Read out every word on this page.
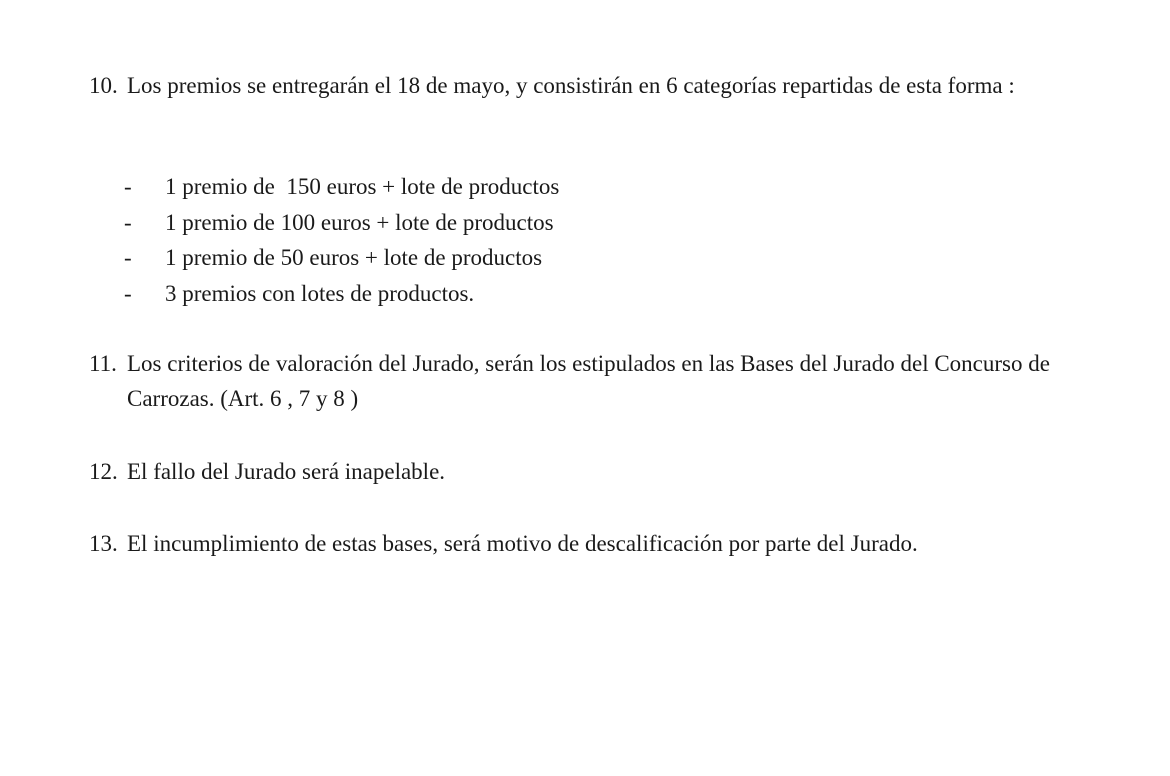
10. Los premios se entregarán el 18 de mayo, y consistirán en 6 categorías repartidas de esta forma :
- 1 premio de  150 euros + lote de productos
- 1 premio de 100 euros + lote de productos
- 1 premio de 50 euros + lote de productos
- 3 premios con lotes de productos.
11. Los criterios de valoración del Jurado, serán los estipulados en las Bases del Jurado del Concurso de Carrozas. (Art. 6 , 7 y 8 )
12. El fallo del Jurado será inapelable.
13. El incumplimiento de estas bases, será motivo de descalificación por parte del Jurado.
